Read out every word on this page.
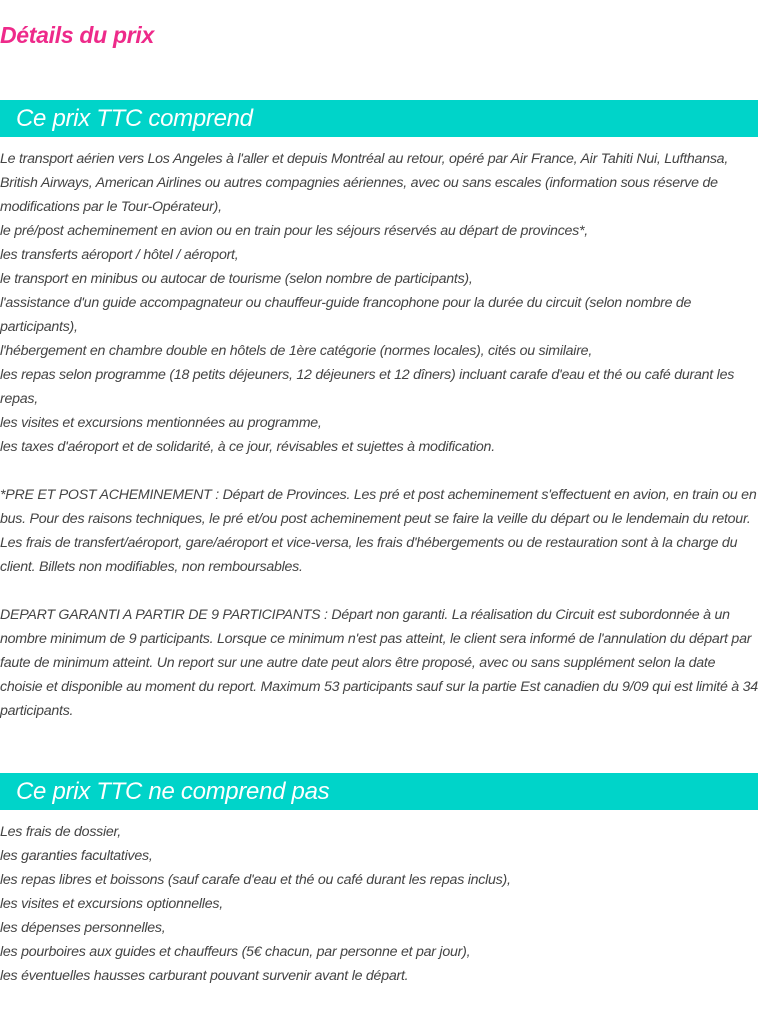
Détails du prix
Ce prix TTC comprend

Le transport aérien vers Los Angeles à l'aller et depuis Montréal au retour, opéré par Air France, Air Tahiti Nui, Lufthansa, British Airways, American Airlines ou autres compagnies aériennes, avec ou sans escales (information sous réserve de modifications par le Tour-Opérateur),

le pré/post acheminement en avion ou en train pour les séjours réservés au départ de provinces*,

les transferts aéroport / hôtel / aéroport,

le transport en minibus ou autocar de tourisme (selon nombre de participants),

l'assistance d'un guide accompagnateur ou chauffeur-guide francophone pour la durée du circuit (selon nombre de participants),

l'hébergement en chambre double en hôtels de 1ère catégorie (normes locales), cités ou similaire,

les repas selon programme (18 petits déjeuners, 12 déjeuners et 12 dîners) incluant carafe d'eau et thé ou café durant les repas,

les visites et excursions mentionnées au programme,

les taxes d'aéroport et de solidarité, à ce jour, révisables et sujettes à modification.

*PRE ET POST ACHEMINEMENT : Départ de Provinces. Les pré et post acheminement s'effectuent en avion, en train ou en bus. Pour des raisons techniques, le pré et/ou post acheminement peut se faire la veille du départ ou le lendemain du retour. Les frais de transfert/aéroport, gare/aéroport et vice-versa, les frais d'hébergements ou de restauration sont à la charge du client. Billets non modifiables, non remboursables.

DEPART GARANTI A PARTIR DE 9 PARTICIPANTS : Départ non garanti. La réalisation du Circuit est subordonnée à un nombre minimum de 9 participants. Lorsque ce minimum n'est pas atteint, le client sera informé de l'annulation du départ par faute de minimum atteint. Un report sur une autre date peut alors être proposé, avec ou sans supplément selon la date choisie et disponible au moment du report. Maximum 53 participants sauf sur la partie Est canadien du 9/09 qui est limité à 34 participants.

Ce prix TTC ne comprend pas

Les frais de dossier,

les garanties facultatives,

les repas libres et boissons (sauf carafe d'eau et thé ou café durant les repas inclus),

les visites et excursions optionnelles,

les dépenses personnelles,

les pourboires aux guides et chauffeurs (5€ chacun, par personne et par jour),

les éventuelles hausses carburant pouvant survenir avant le départ.
